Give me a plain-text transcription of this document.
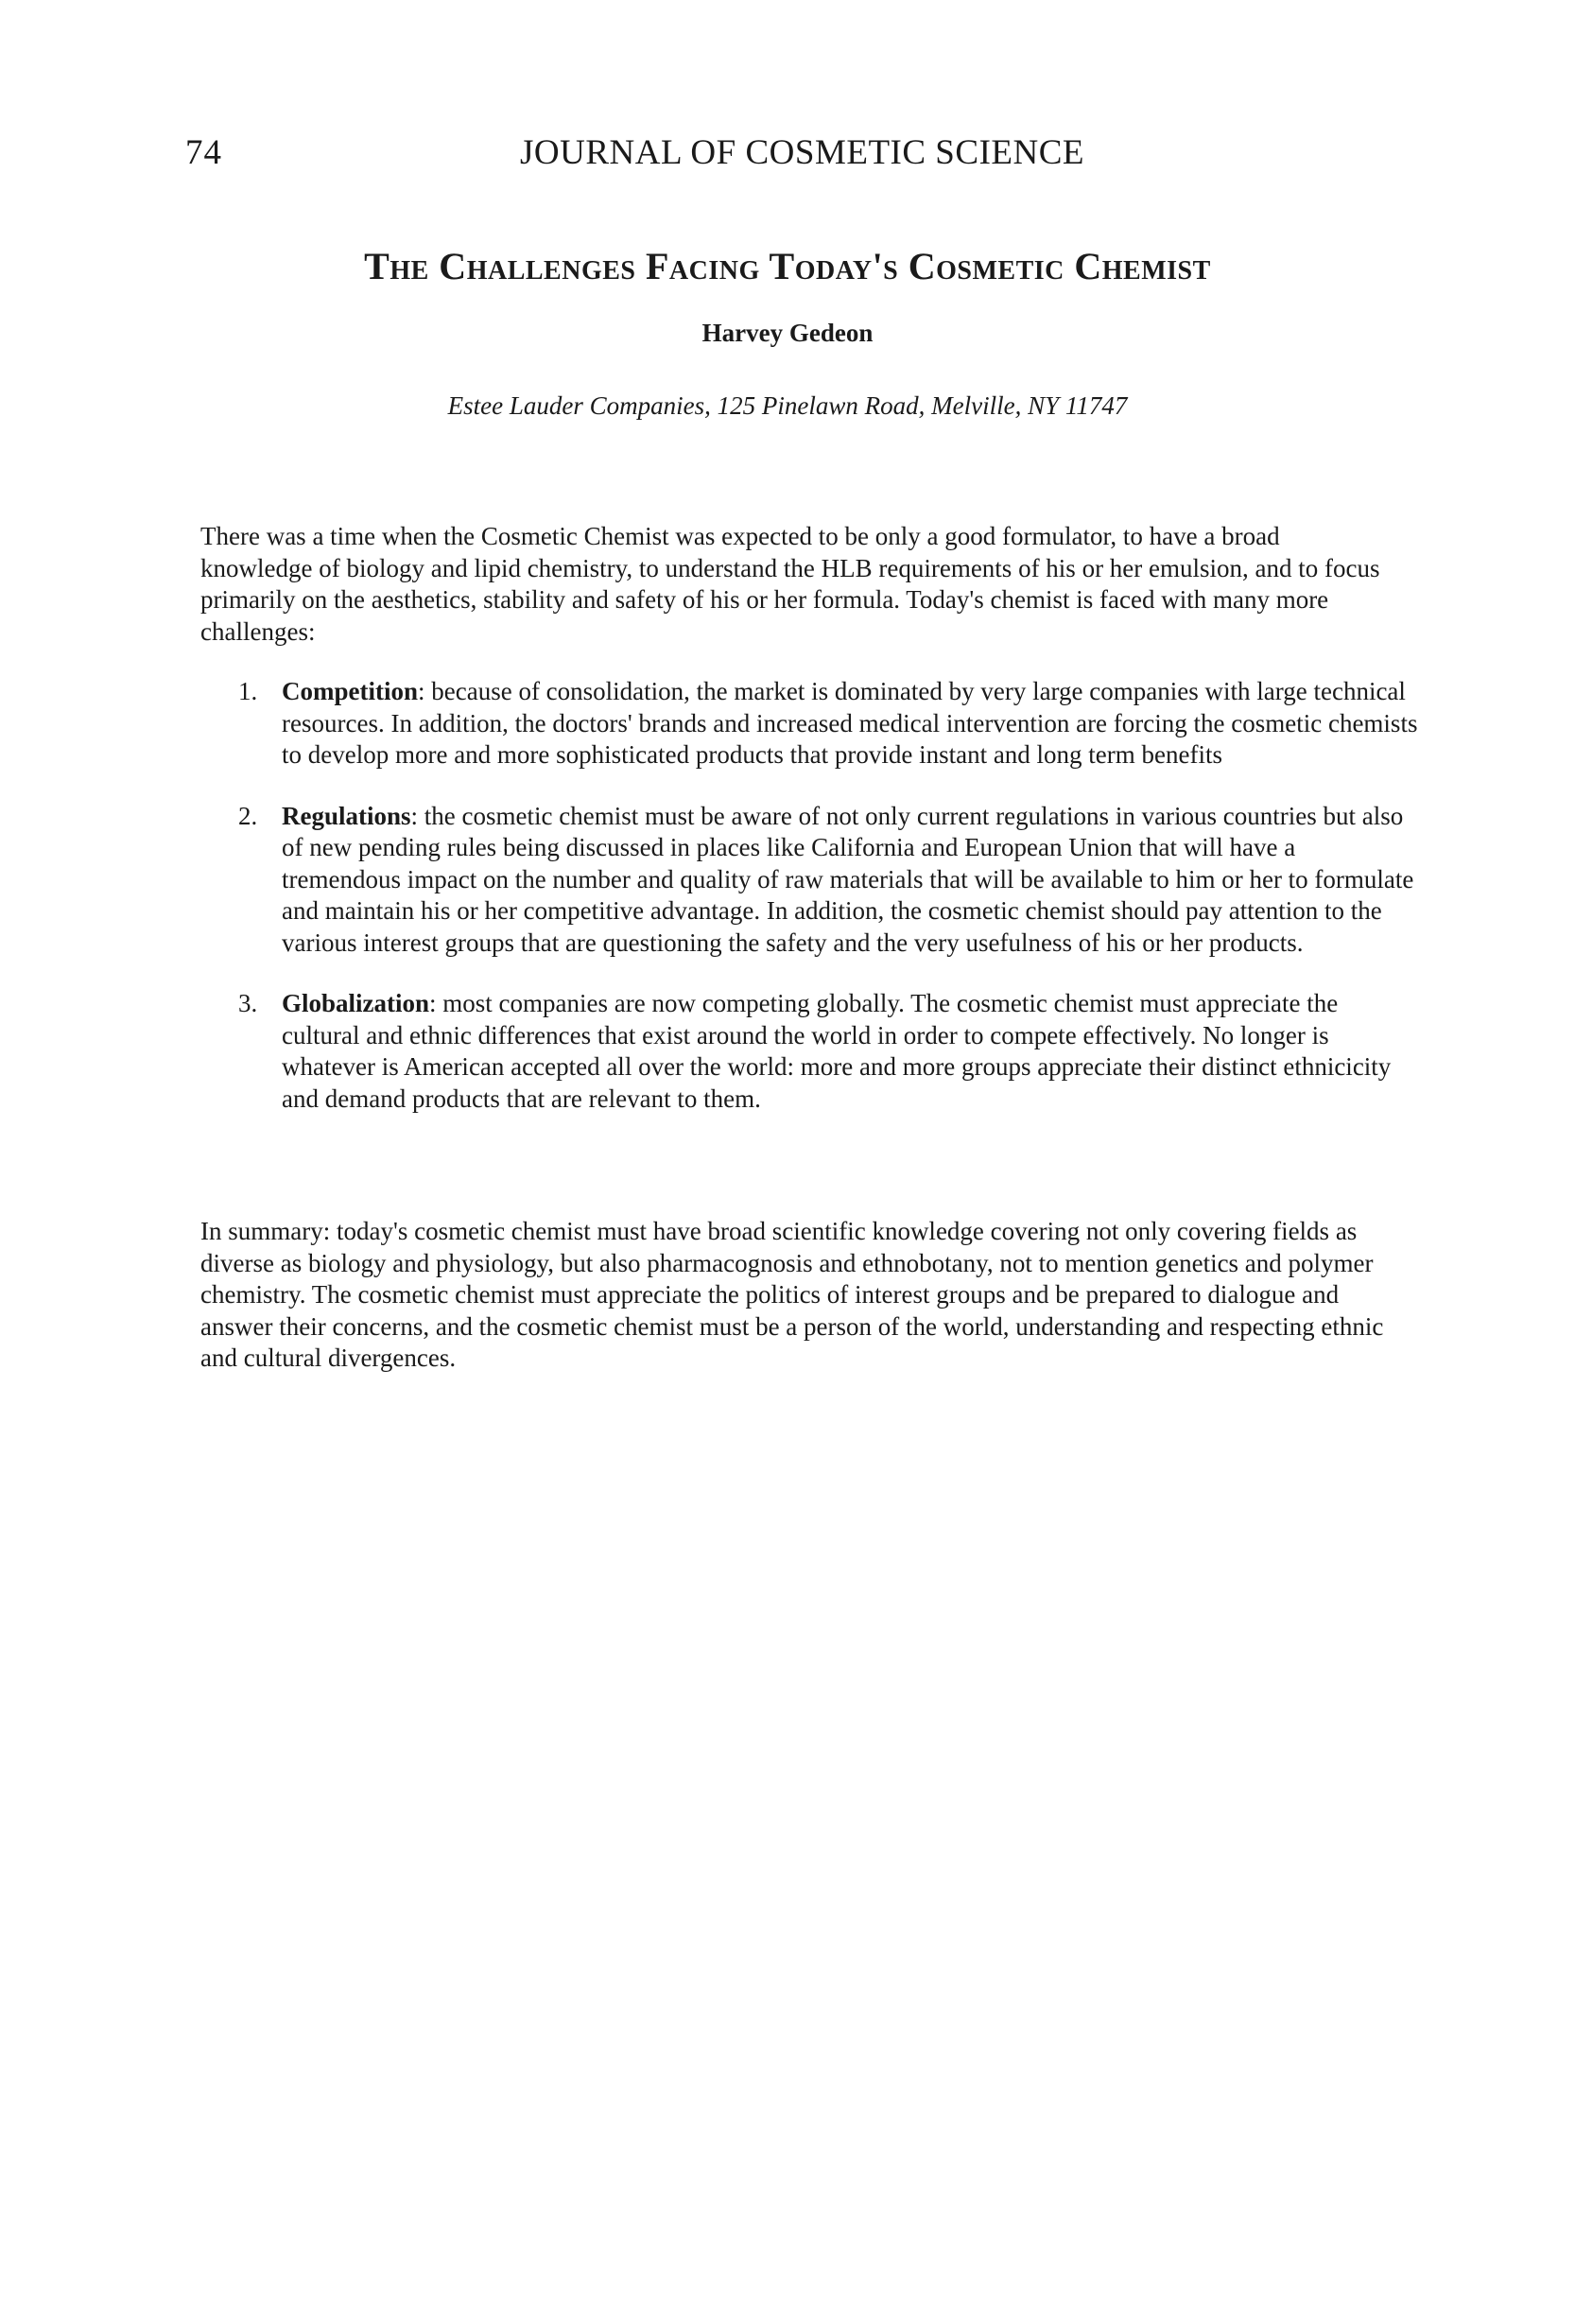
74	JOURNAL OF COSMETIC SCIENCE
The Challenges Facing Today's Cosmetic Chemist
Harvey Gedeon
Estee Lauder Companies, 125 Pinelawn Road, Melville, NY 11747

There was a time when the Cosmetic Chemist was expected to be only a good formulator, to have a broad knowledge of biology and lipid chemistry, to understand the HLB requirements of his or her emulsion, and to focus primarily on the aesthetics, stability and safety of his or her formula. Today's chemist is faced with many more challenges:

1. Competition: because of consolidation, the market is dominated by very large companies with large technical resources. In addition, the doctors' brands and increased medical intervention are forcing the cosmetic chemists to develop more and more sophisticated products that provide instant and long term benefits
2. Regulations: the cosmetic chemist must be aware of not only current regulations in various countries but also of new pending rules being discussed in places like California and European Union that will have a tremendous impact on the number and quality of raw materials that will be available to him or her to formulate and maintain his or her competitive advantage. In addition, the cosmetic chemist should pay attention to the various interest groups that are questioning the safety and the very usefulness of his or her products.
3. Globalization: most companies are now competing globally. The cosmetic chemist must appreciate the cultural and ethnic differences that exist around the world in order to compete effectively. No longer is whatever is American accepted all over the world: more and more groups appreciate their distinct ethnicicity and demand products that are relevant to them.

In summary: today's cosmetic chemist must have broad scientific knowledge covering not only covering fields as diverse as biology and physiology, but also pharmacognosis and ethnobotany, not to mention genetics and polymer chemistry. The cosmetic chemist must appreciate the politics of interest groups and be prepared to dialogue and answer their concerns, and the cosmetic chemist must be a person of the world, understanding and respecting ethnic and cultural divergences.
